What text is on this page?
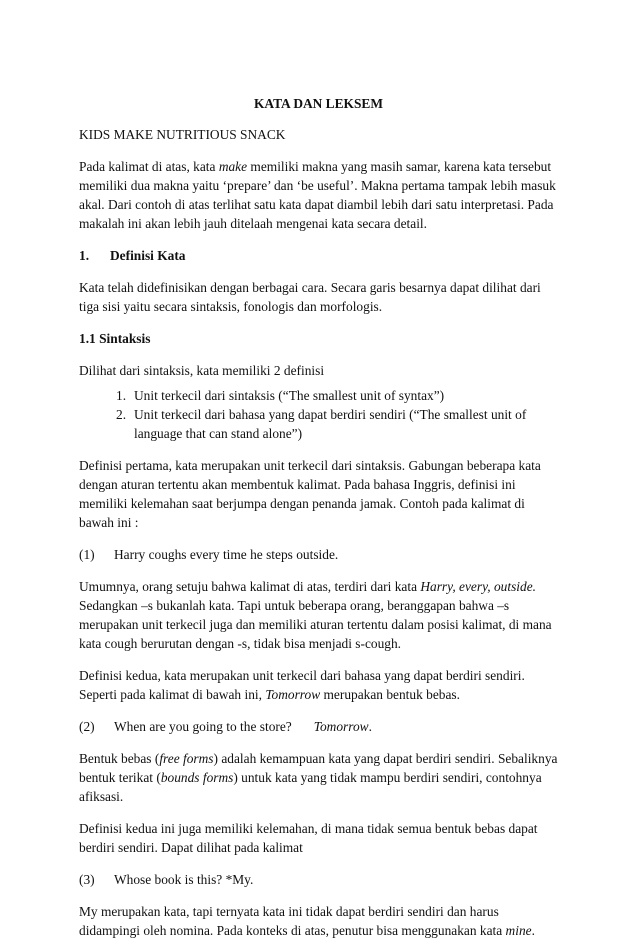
KATA DAN LEKSEM

KIDS MAKE NUTRITIOUS SNACK

Pada kalimat di atas, kata make memiliki makna yang masih samar, karena kata tersebut memiliki dua makna yaitu ‘prepare’ dan ‘be useful’. Makna pertama tampak lebih masuk akal. Dari contoh di atas terlihat satu kata dapat diambil lebih dari satu interpretasi. Pada makalah ini akan lebih jauh ditelaah mengenai kata secara detail.

1.	Definisi Kata

Kata telah didefinisikan dengan berbagai cara. Secara garis besarnya dapat dilihat dari tiga sisi yaitu secara sintaksis, fonologis dan morfologis.

1.1 Sintaksis

Dilihat dari sintaksis, kata memiliki 2 definisi

1. Unit terkecil dari sintaksis (“The smallest unit of syntax”)
2. Unit terkecil dari bahasa yang dapat berdiri sendiri (“The smallest unit of language that can stand alone”)

Definisi pertama, kata merupakan unit terkecil dari sintaksis. Gabungan beberapa kata dengan aturan tertentu akan membentuk kalimat. Pada bahasa Inggris, definisi ini memiliki kelemahan saat berjumpa dengan penanda jamak. Contoh pada kalimat di bawah ini :

(1)	Harry coughs every time he steps outside.

Umumnya, orang setuju bahwa kalimat di atas, terdiri dari kata Harry, every, outside. Sedangkan –s bukanlah kata. Tapi untuk beberapa orang, beranggapan bahwa –s merupakan unit terkecil juga dan memiliki aturan tertentu dalam posisi kalimat, di mana kata cough berurutan dengan -s, tidak bisa menjadi s-cough.

Definisi kedua, kata merupakan unit terkecil dari bahasa yang dapat berdiri sendiri. Seperti pada kalimat di bawah ini, Tomorrow merupakan bentuk bebas.

(2)	When are you going to the store? Tomorrow.

Bentuk bebas (free forms) adalah kemampuan kata yang dapat berdiri sendiri. Sebaliknya bentuk terikat (bounds forms) untuk kata yang tidak mampu berdiri sendiri, contohnya afiksasi.

Definisi kedua ini juga memiliki kelemahan, di mana tidak semua bentuk bebas dapat berdiri sendiri. Dapat dilihat pada kalimat

(3)	Whose book is this? *My.

My merupakan kata, tapi ternyata kata ini tidak dapat berdiri sendiri dan harus didampingi oleh nomina. Pada konteks di atas, penutur bisa menggunakan kata mine.
